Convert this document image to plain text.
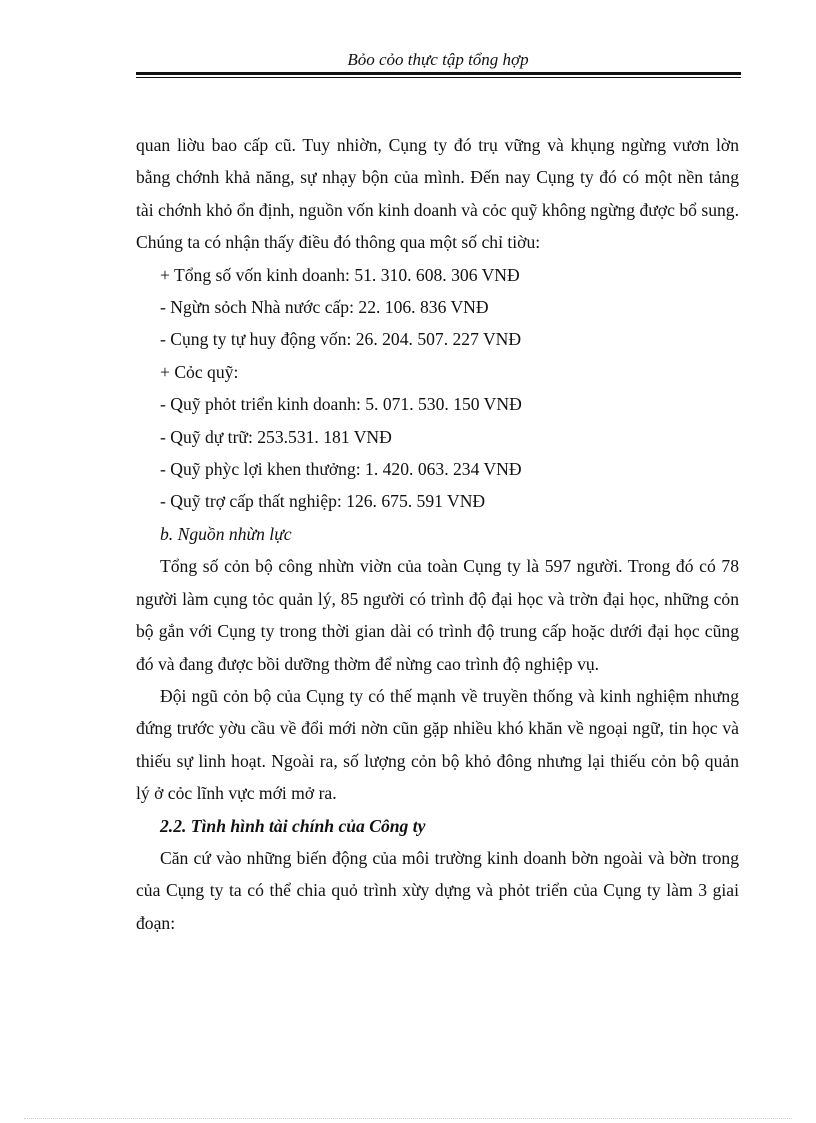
Bỏo cỏo thực tập tổng hợp

quan liờu bao cấp cũ. Tuy nhiờn, Cụng ty đó trụ vững và khụng ngừng vươn lờn bằng chớnh khả năng, sự nhạy bộn của mình. Đến nay Cụng ty đó có một nền tảng tài chớnh khỏ ổn định, nguồn vốn kinh doanh và cỏc quỹ không ngừng được bổ sung. Chúng ta có nhận thấy điều đó thông qua một số chỉ tiờu:

+ Tổng số vốn kinh doanh: 51. 310. 608. 306 VNĐ
- Ngừn sỏch Nhà nước cấp: 22. 106. 836 VNĐ
- Cụng ty tự huy động vốn: 26. 204. 507. 227 VNĐ
+ Cỏc quỹ:
- Quỹ phỏt triển kinh doanh: 5. 071. 530. 150 VNĐ
- Quỹ dự trữ: 253.531. 181 VNĐ
- Quỹ phỳc lợi khen thưởng: 1. 420. 063. 234 VNĐ
- Quỹ trợ cấp thất nghiệp: 126. 675. 591 VNĐ

b. Nguồn nhừn lực

Tổng số cỏn bộ công nhừn viờn của toàn Cụng ty là 597 người. Trong đó có 78 người làm cụng tỏc quản lý, 85 người có trình độ đại học và trờn đại học, những cỏn bộ gắn với Cụng ty trong thời gian dài có trình độ trung cấp hoặc dưới đại học cũng đó và đang được bồi dưỡng thờm để nừng cao trình độ nghiệp vụ.

Đội ngũ cỏn bộ của Cụng ty có thế mạnh về truyền thống và kinh nghiệm nhưng đứng trước yờu cầu về đổi mới nờn cũn gặp nhiều khó khăn về ngoại ngữ, tin học và thiếu sự linh hoạt. Ngoài ra, số lượng cỏn bộ khỏ đông nhưng lại thiếu cỏn bộ quản lý ở cỏc lĩnh vực mới mở ra.

2.2. Tình hình tài chính của Công ty

Căn cứ vào những biến động của môi trường kinh doanh bờn ngoài và bờn trong của Cụng ty ta có thể chia quỏ trình xừy dựng và phỏt triển của Cụng ty làm 3 giai đoạn:
